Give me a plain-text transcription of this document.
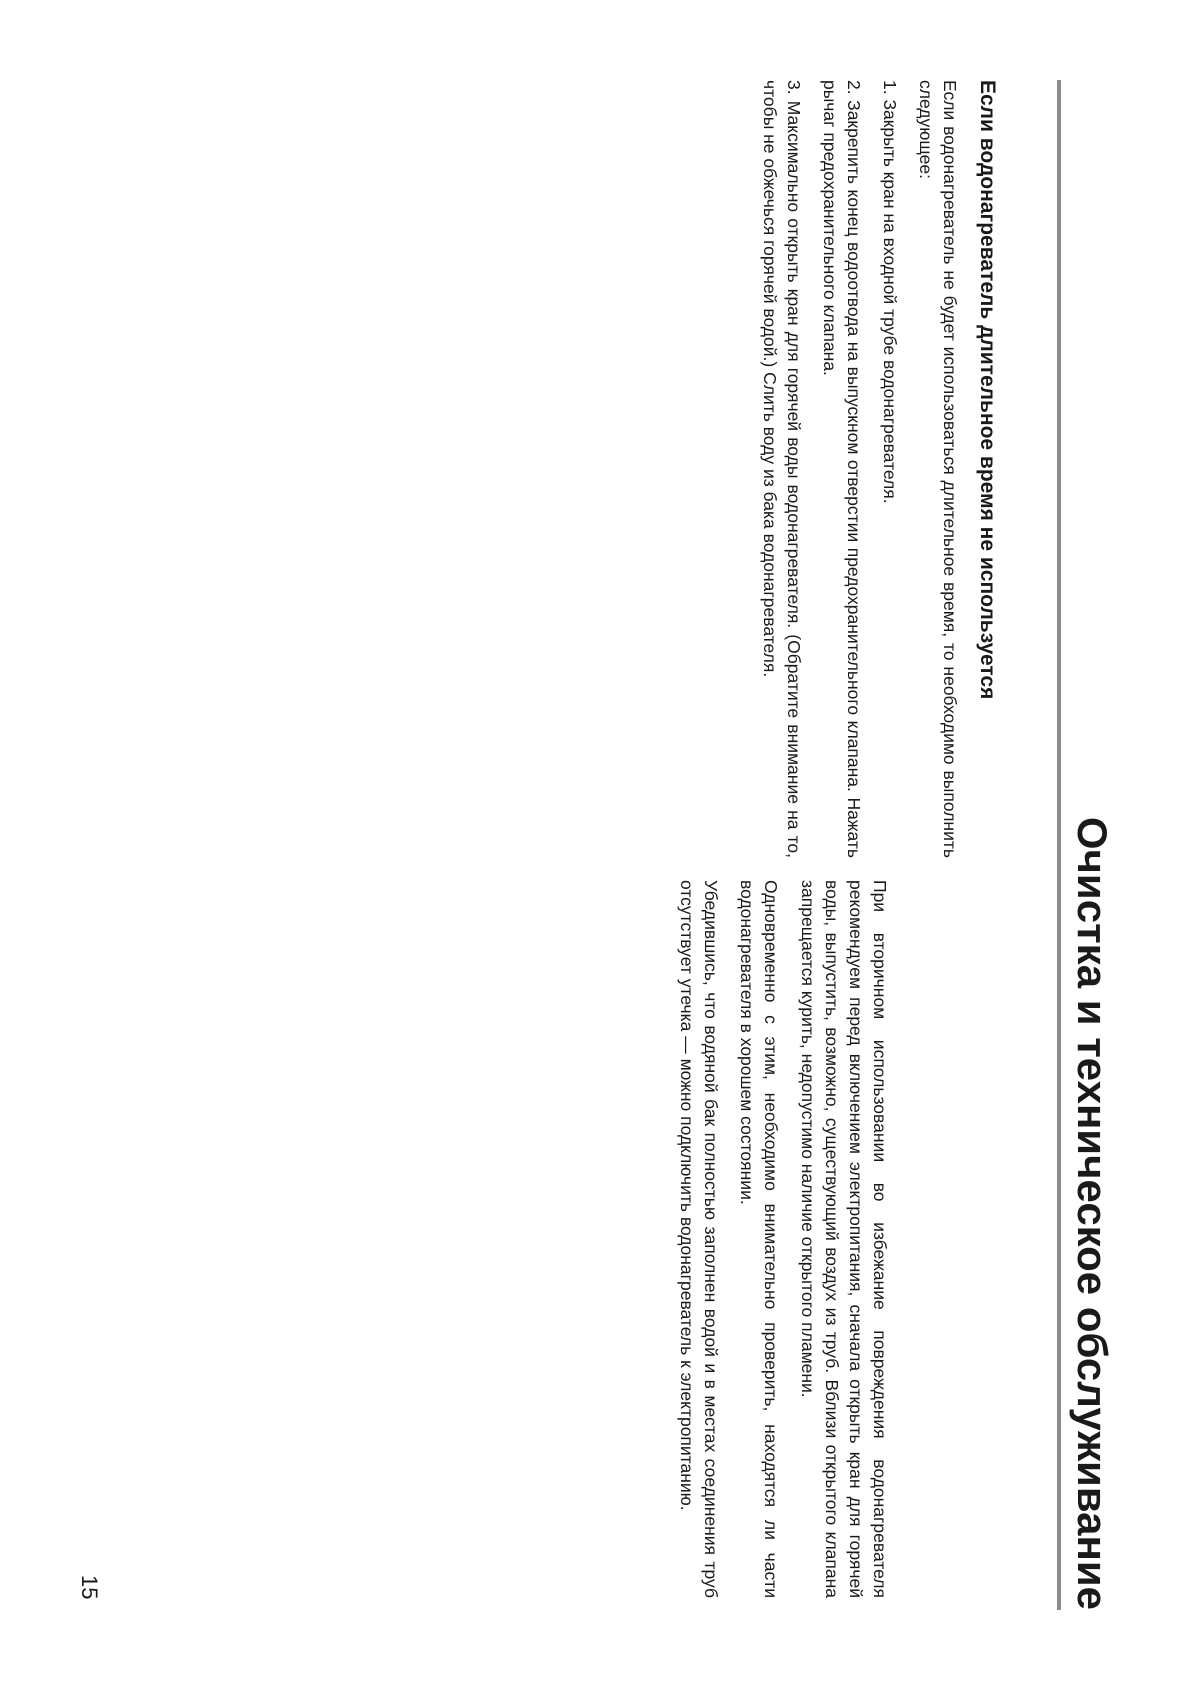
Очистка и техническое обслуживание
Если водонагреватель длительное время не используется

Если водонагреватель не будет использоваться длительное время, то необходимо выполнить следующее:

1. Закрыть кран на входной трубе водонагревателя.

2. Закрепить конец водоотвода на выпускном отверстии предохранительного клапана. Нажать рычаг предохранительного клапана.

3. Максимально открыть кран для горячей воды водонагревателя. (Обратите внимание на то, чтобы не обжечься горячей водой.) Слить воду из бака водонагревателя.

При вторичном использовании во избежание повреждения водонагревателя рекомендуем перед включением электропитания, сначала открыть кран для горячей воды, выпустить, возможно, существующий воздух из труб. Вблизи открытого клапана запрещается курить, недопустимо наличие открытого пламени.

Одновременно с этим, необходимо внимательно проверить, находятся ли части водонагревателя в хорошем состоянии.

Убедившись, что водяной бак полностью заполнен водой и в местах соединения труб отсутствует утечка — можно подключить водонагреватель к электропитанию.

15
